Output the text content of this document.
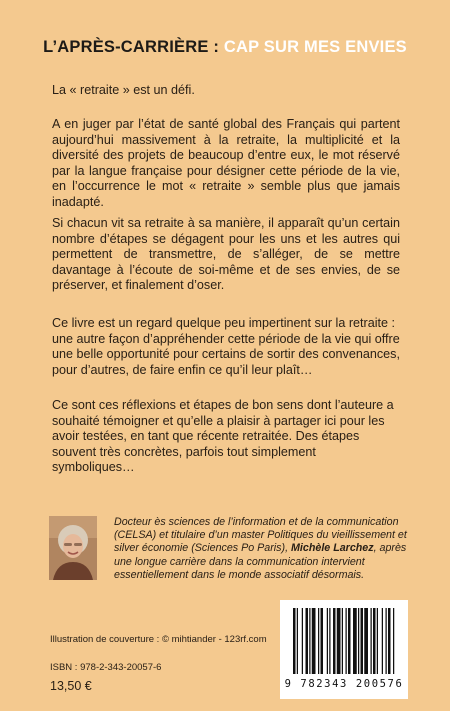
L’APRÈS-CARRIÈRE : CAP SUR MES ENVIES

La « retraite » est un défi.

A en juger par l’état de santé global des Français qui partent aujourd’hui massivement à la retraite, la multiplicité et la diversité des projets de beaucoup d’entre eux, le mot réservé par la langue française pour désigner cette période de la vie, en l’occurrence le mot « retraite » semble plus que jamais inadapté.

Si chacun vit sa retraite à sa manière, il apparaît qu’un certain nombre d’étapes se dégagent pour les uns et les autres qui permettent de transmettre, de s’alléger, de se mettre davantage à l’écoute de soi-même et de ses envies, de se préserver, et finalement d’oser.

Ce livre est un regard quelque peu impertinent sur la retraite : une autre façon d’appréhender cette période de la vie qui offre une belle opportunité pour certains de sortir des convenances, pour d’autres, de faire enfin ce qu’il leur plaît…

Ce sont ces réflexions et étapes de bon sens dont l’auteure a souhaité témoigner et qu’elle a plaisir à partager ici pour les avoir testées, en tant que récente retraitée. Des étapes souvent très concrètes, parfois tout simplement symboliques…

Docteur ès sciences de l’information et de la communication (CELSA) et titulaire d’un master Politiques du vieillissement et silver économie (Sciences Po Paris), Michèle Larchez, après une longue carrière dans la communication intervient essentiellement dans le monde associatif désormais.
Illustration de couverture : © mihtiander - 123rf.com
ISBN : 978-2-343-20057-6
13,50 €	9 782343 200576
